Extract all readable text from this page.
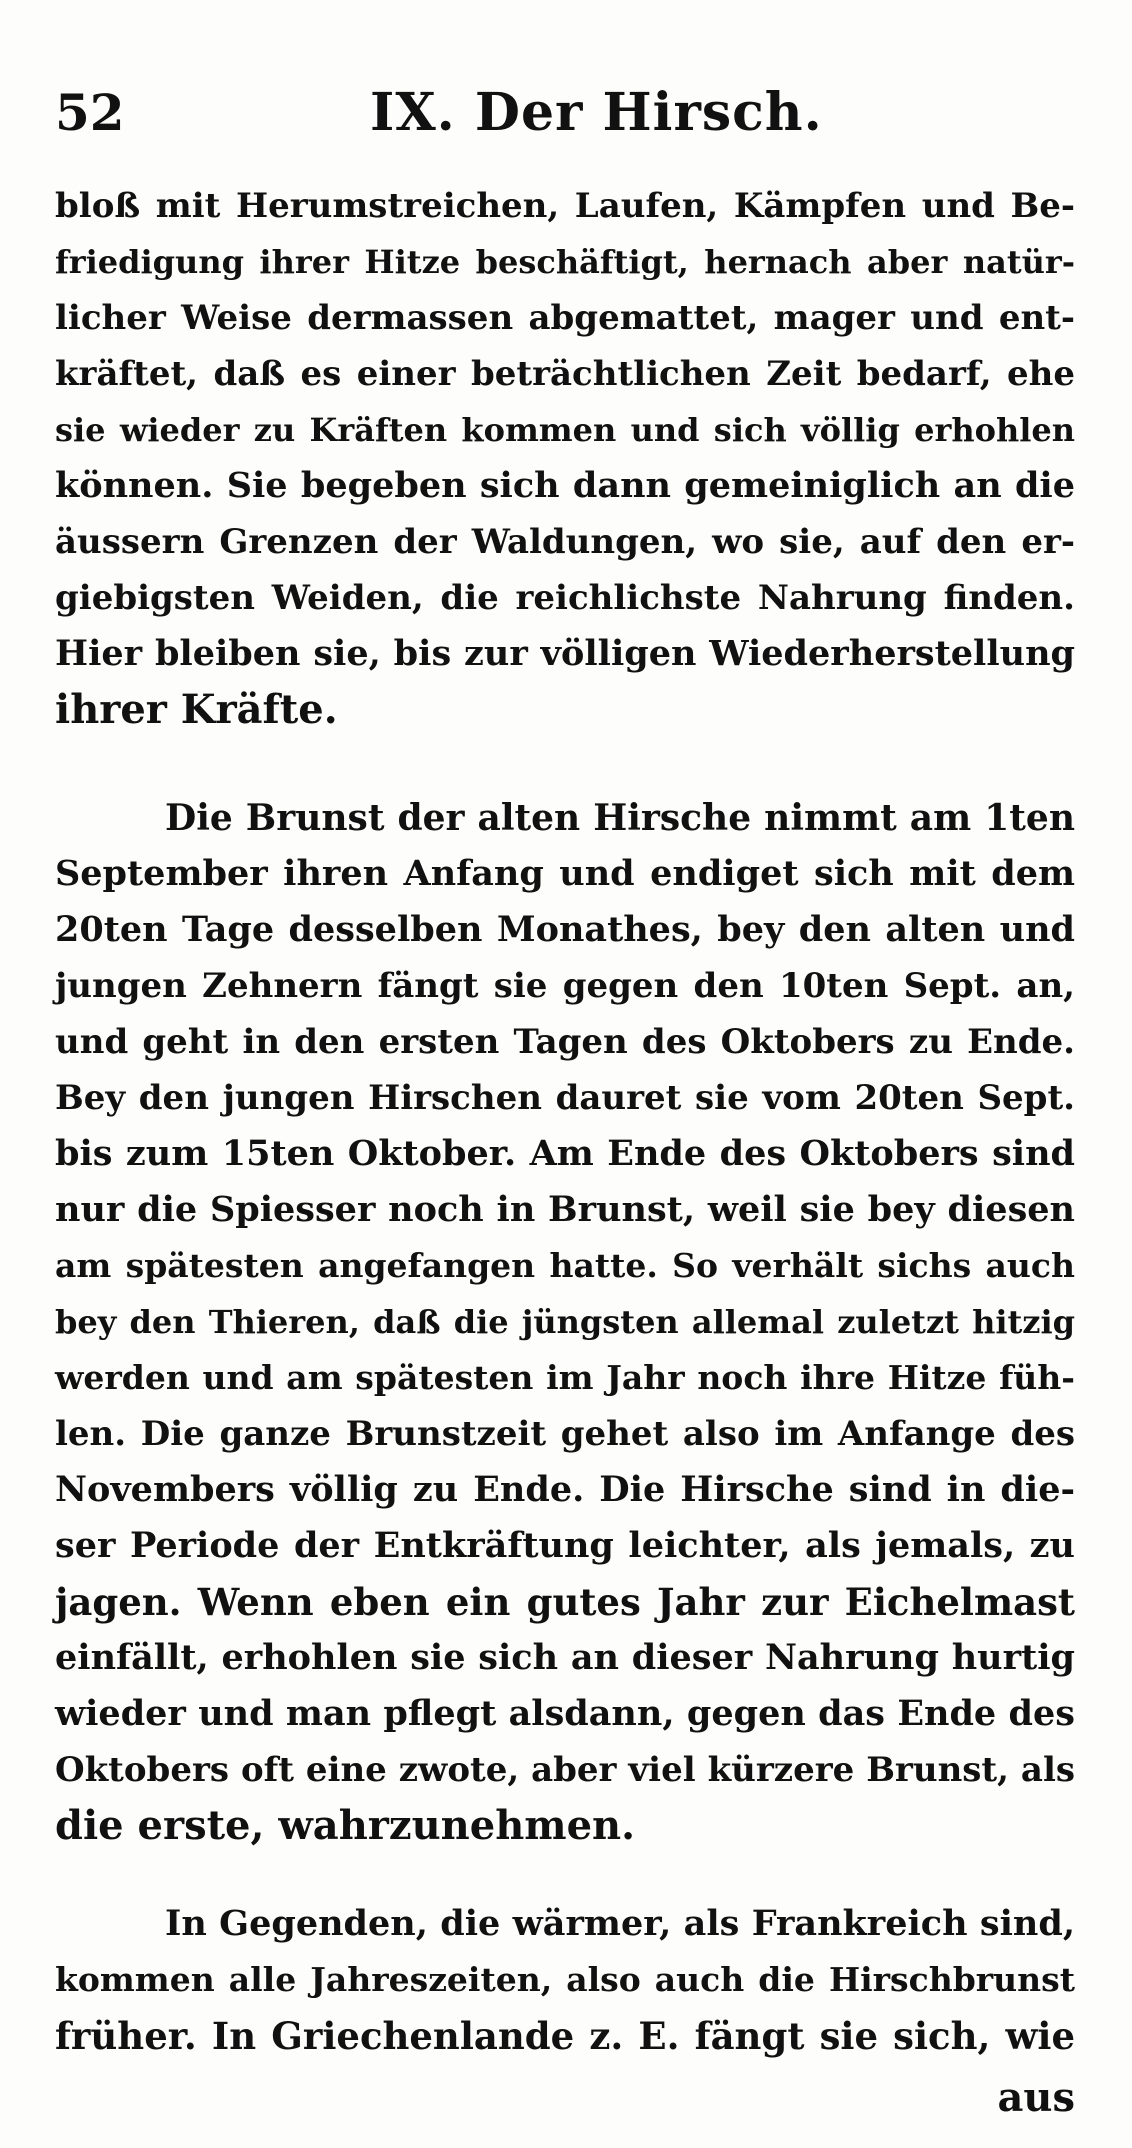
52	IX. Der Hirsch.
bloß mit Herumstreichen, Laufen, Kämpfen und Be-
friedigung ihrer Hitze beschäftigt, hernach aber natür-
licher Weise dermassen abgemattet, mager und ent-
kräftet, daß es einer beträchtlichen Zeit bedarf, ehe
sie wieder zu Kräften kommen und sich völlig erhohlen
können. Sie begeben sich dann gemeiniglich an die
äussern Grenzen der Waldungen, wo sie, auf den er-
giebigsten Weiden, die reichlichste Nahrung finden.
Hier bleiben sie, bis zur völligen Wiederherstellung
ihrer Kräfte.
Die Brunst der alten Hirsche nimmt am 1ten
September ihren Anfang und endiget sich mit dem
20ten Tage desselben Monathes, bey den alten und
jungen Zehnern fängt sie gegen den 10ten Sept. an,
und geht in den ersten Tagen des Oktobers zu Ende.
Bey den jungen Hirschen dauret sie vom 20ten Sept.
bis zum 15ten Oktober. Am Ende des Oktobers sind
nur die Spiesser noch in Brunst, weil sie bey diesen
am spätesten angefangen hatte. So verhält sichs auch
bey den Thieren, daß die jüngsten allemal zuletzt hitzig
werden und am spätesten im Jahr noch ihre Hitze füh-
len. Die ganze Brunstzeit gehet also im Anfange des
Novembers völlig zu Ende. Die Hirsche sind in die-
ser Periode der Entkräftung leichter, als jemals, zu
jagen. Wenn eben ein gutes Jahr zur Eichelmast
einfällt, erhohlen sie sich an dieser Nahrung hurtig
wieder und man pflegt alsdann, gegen das Ende des
Oktobers oft eine zwote, aber viel kürzere Brunst, als
die erste, wahrzunehmen.
In Gegenden, die wärmer, als Frankreich sind,
kommen alle Jahreszeiten, also auch die Hirschbrunst
früher. In Griechenlande z. E. fängt sie sich, wie
aus
